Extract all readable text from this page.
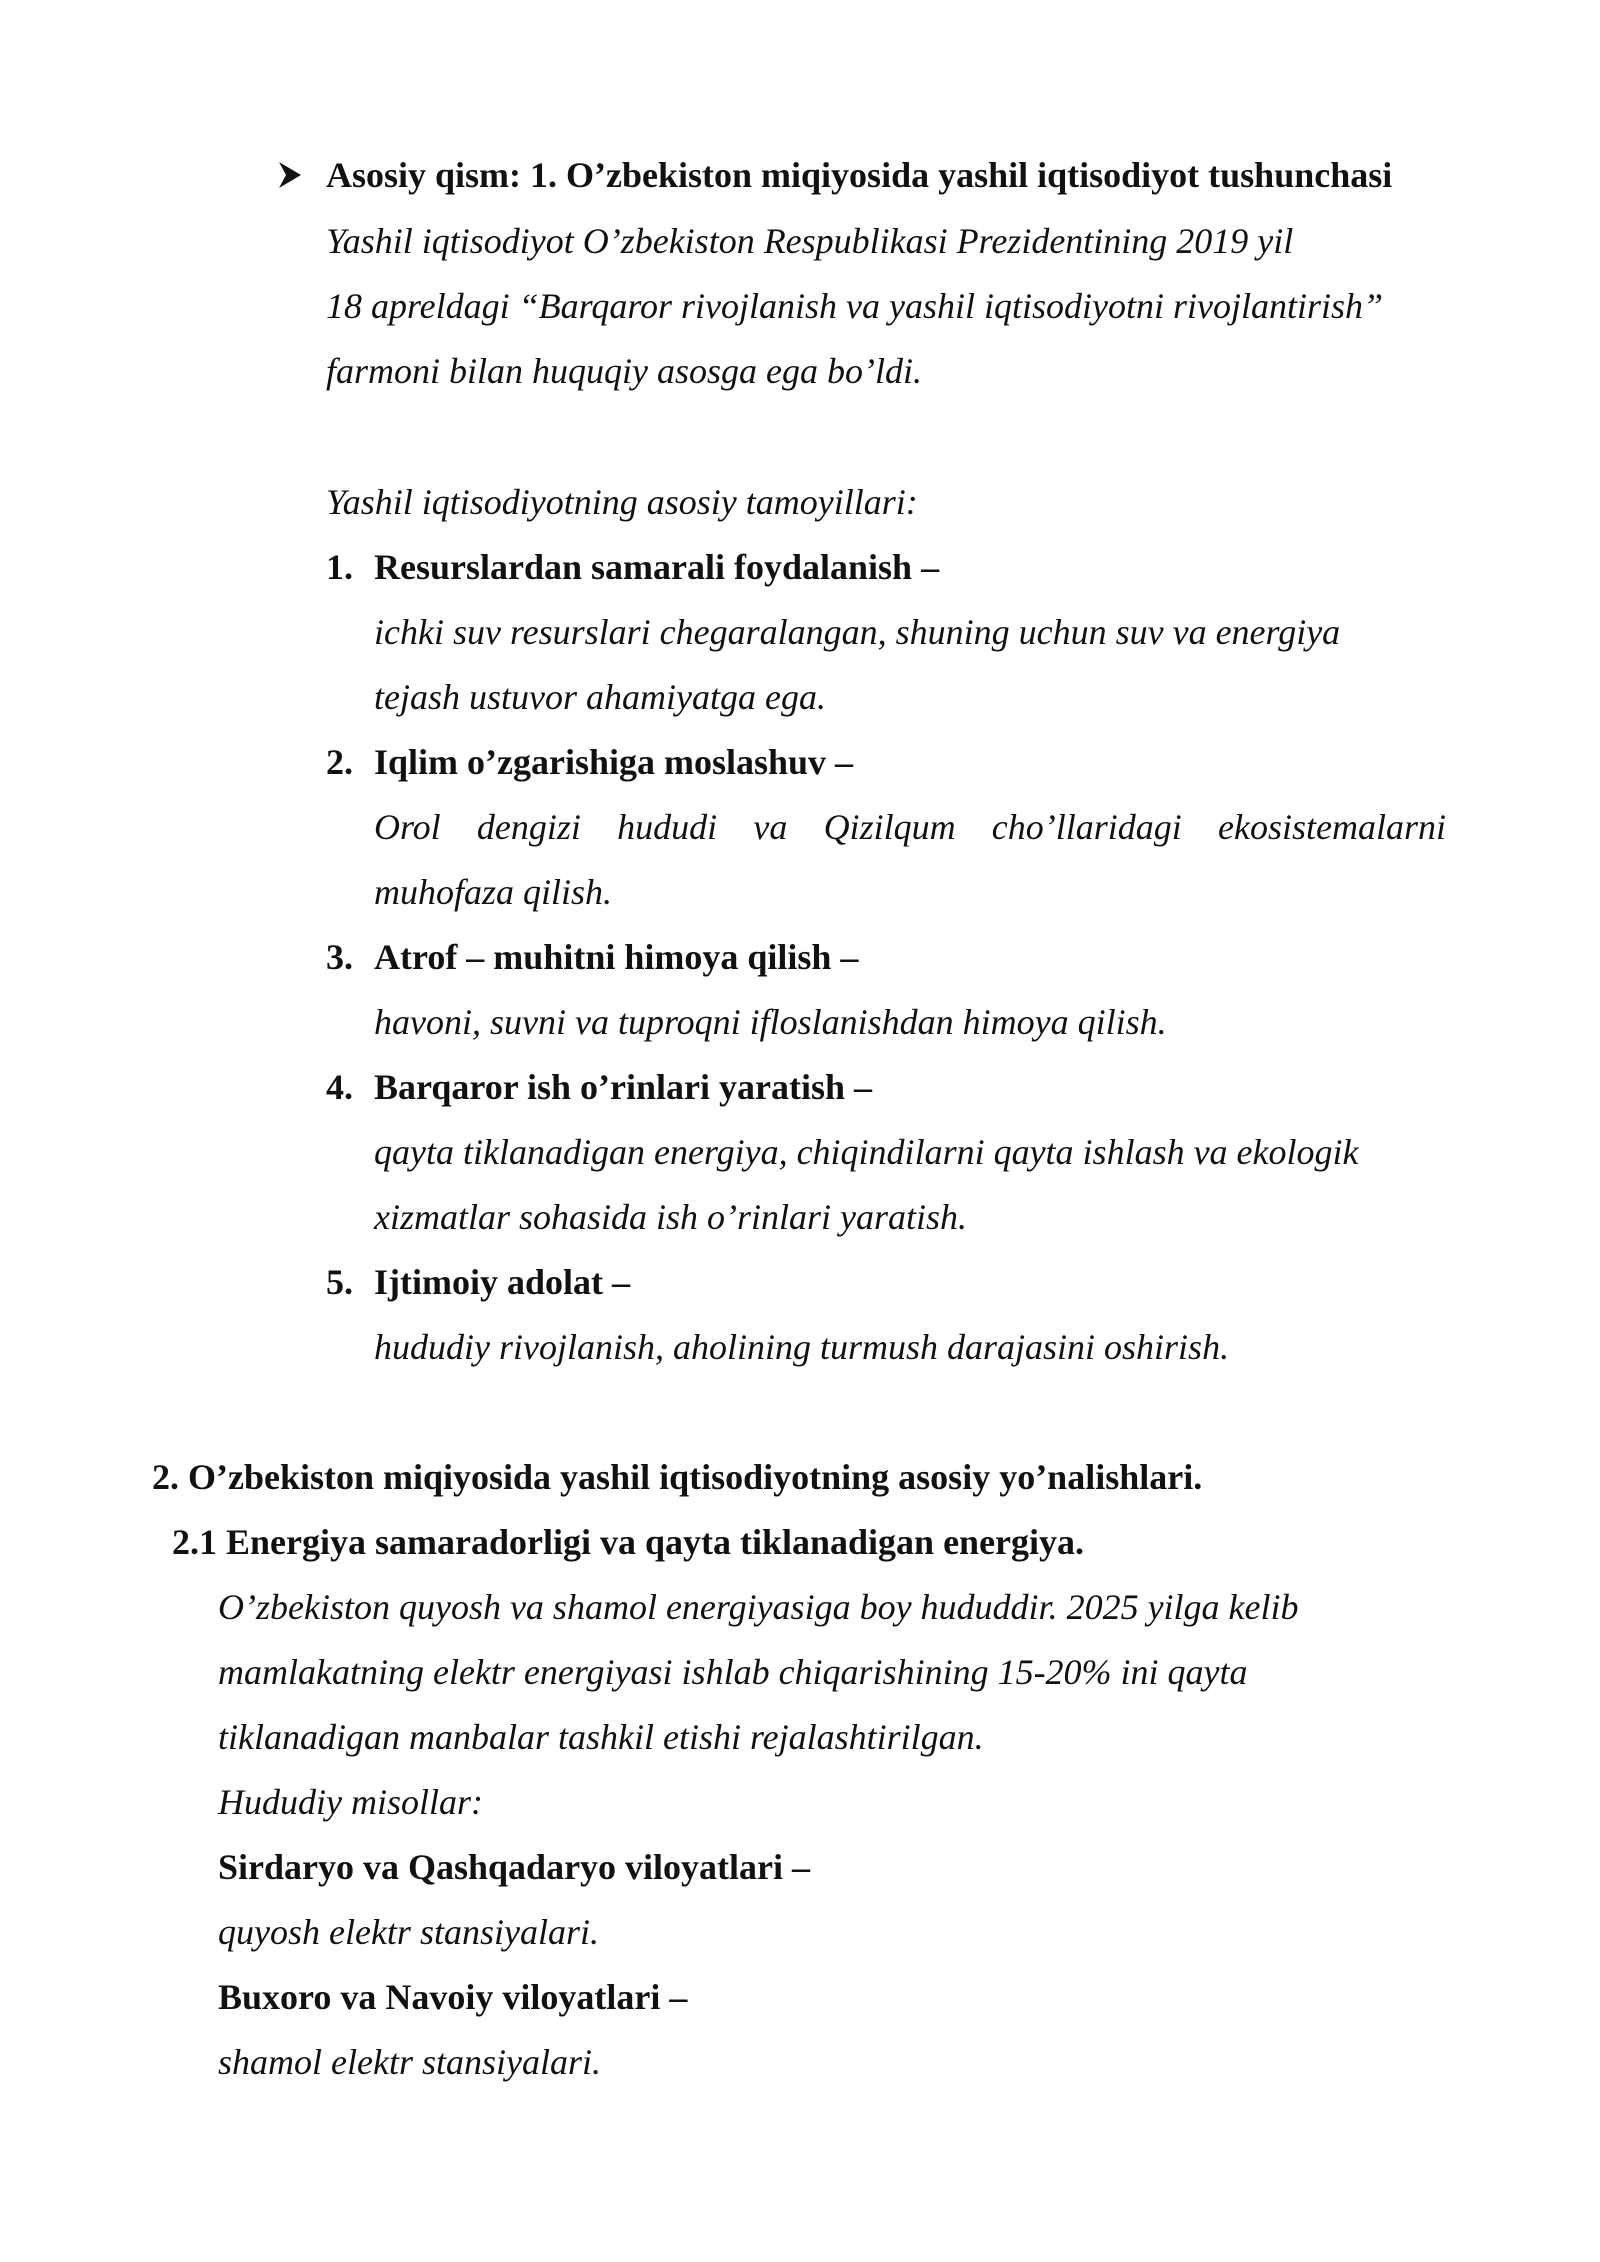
Asosiy qism: 1. O’zbekiston miqiyosida yashil iqtisodiyot tushunchasi
Yashil iqtisodiyot O’zbekiston Respublikasi Prezidentining 2019 yil
18 apreldagi “Barqaror rivojlanish va yashil iqtisodiyotni rivojlantirish”
farmoni bilan huquqiy asosga ega bo’ldi.
Yashil iqtisodiyotning asosiy tamoyillari:
1. Resurslardan samarali foydalanish –
ichki suv resurslari chegaralangan, shuning uchun suv va energiya
tejash ustuvor ahamiyatga ega.
2. Iqlim o’zgarishiga moslashuv –
Orol dengizi hududi va Qizilqum cho’llaridagi ekosistemalarni
muhofaza qilish.
3. Atrof – muhitni himoya qilish –
havoni, suvni va tuproqni ifloslanishdan himoya qilish.
4. Barqaror ish o’rinlari yaratish –
qayta tiklanadigan energiya, chiqindilarni qayta ishlash va ekologik
xizmatlar sohasida ish o’rinlari yaratish.
5. Ijtimoiy adolat –
hududiy rivojlanish, aholining turmush darajasini oshirish.
2. O’zbekiston miqiyosida yashil iqtisodiyotning asosiy yo’nalishlari.
2.1 Energiya samaradorligi va qayta tiklanadigan energiya.
O’zbekiston quyosh va shamol energiyasiga boy hududdir. 2025 yilga kelib
mamlakatning elektr energiyasi ishlab chiqarishining 15-20% ini qayta
tiklanadigan manbalar tashkil etishi rejalashtirilgan.
Hududiy misollar:
Sirdaryo va Qashqadaryo viloyatlari –
quyosh elektr stansiyalari.
Buxoro va Navoiy viloyatlari –
shamol elektr stansiyalari.
